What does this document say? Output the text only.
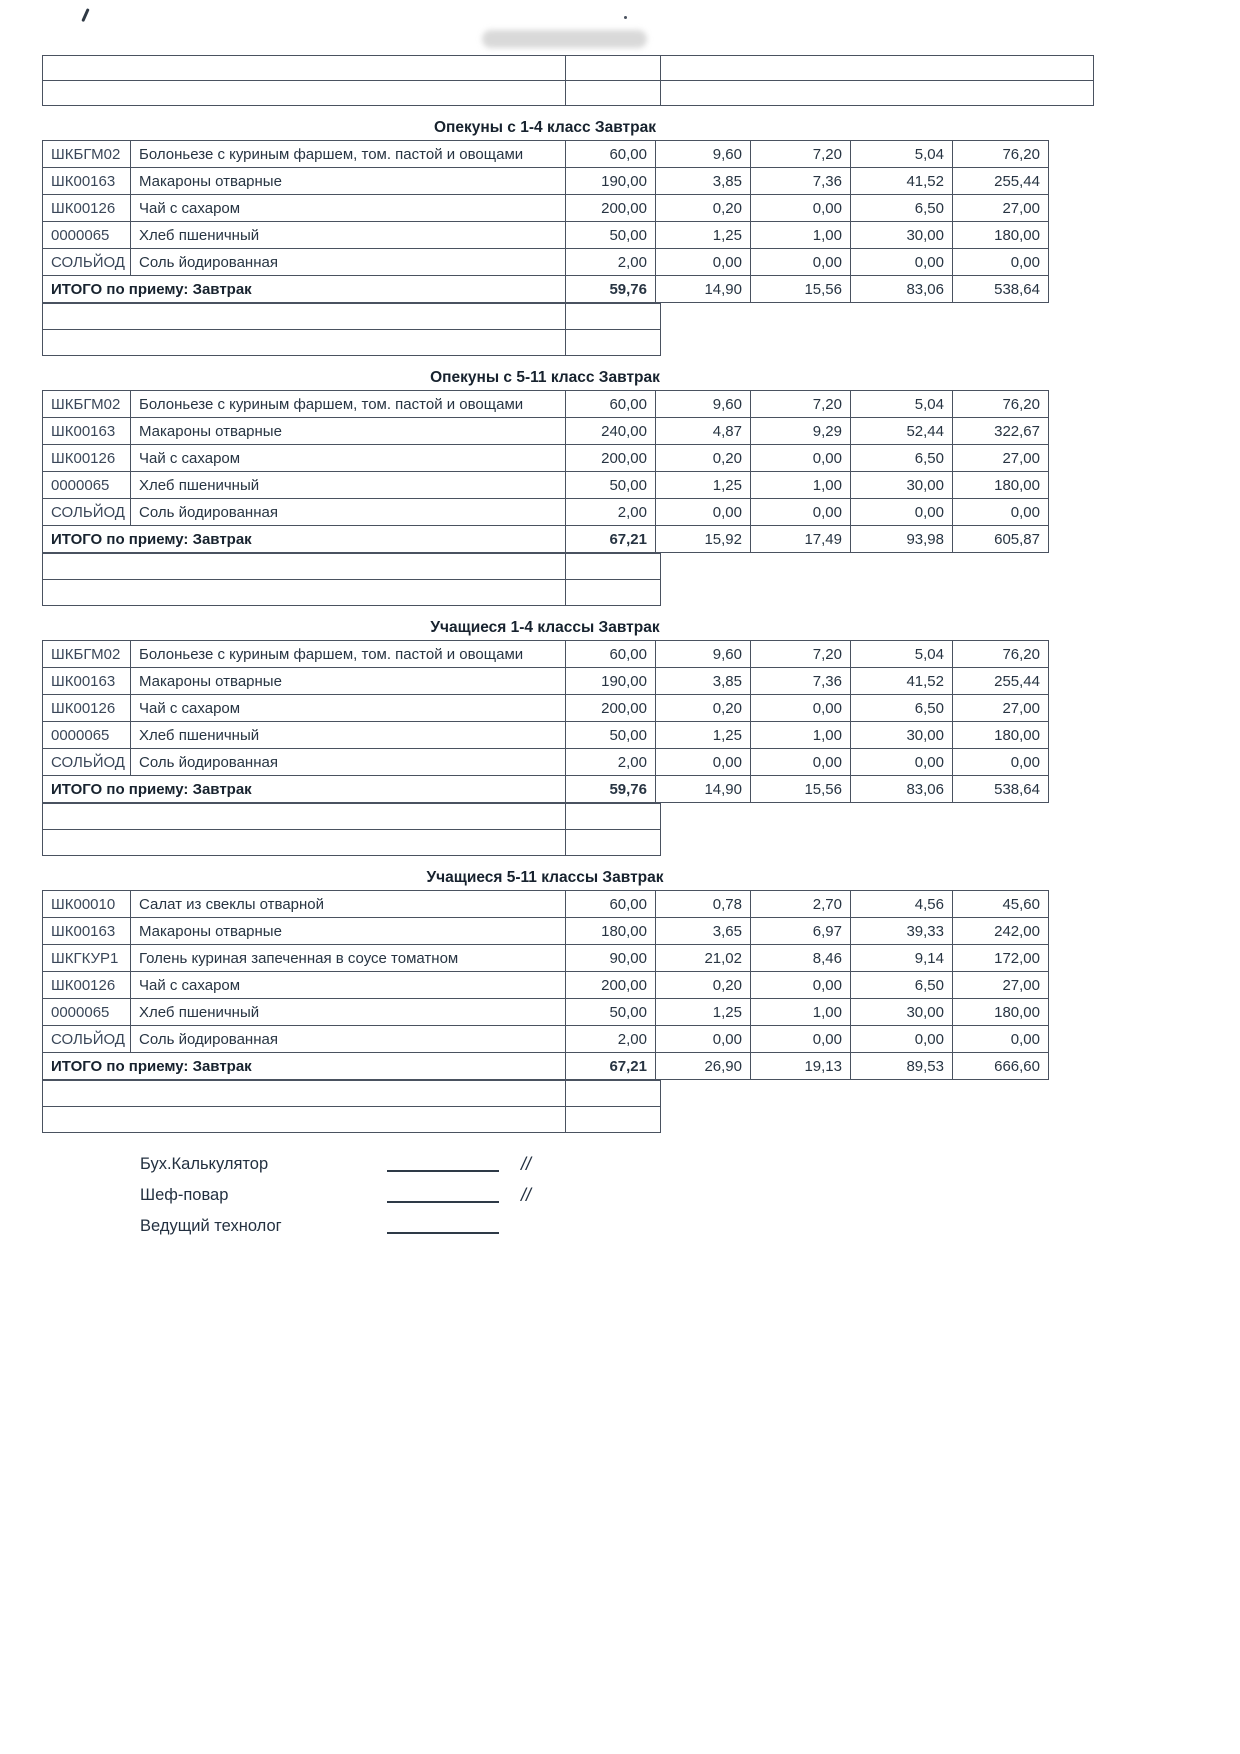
Опекуны с 1-4 класс Завтрак
ШКБГМ02	Болоньезе с куриным фаршем, том. пастой и овощами	60,00	9,60	7,20	5,04	76,20
ШК00163	Макароны отварные	190,00	3,85	7,36	41,52	255,44
ШК00126	Чай с сахаром	200,00	0,20	0,00	6,50	27,00
0000065	Хлеб пшеничный	50,00	1,25	1,00	30,00	180,00
СОЛЬЙОД	Соль йодированная	2,00	0,00	0,00	0,00	0,00
ИТОГО по приему: Завтрак		59,76	14,90	15,56	83,06	538,64

Опекуны с 5-11 класс Завтрак
ШКБГМ02	Болоньезе с куриным фаршем, том. пастой и овощами	60,00	9,60	7,20	5,04	76,20
ШК00163	Макароны отварные	240,00	4,87	9,29	52,44	322,67
ШК00126	Чай с сахаром	200,00	0,20	0,00	6,50	27,00
0000065	Хлеб пшеничный	50,00	1,25	1,00	30,00	180,00
СОЛЬЙОД	Соль йодированная	2,00	0,00	0,00	0,00	0,00
ИТОГО по приему: Завтрак		67,21	15,92	17,49	93,98	605,87

Учащиеся 1-4 классы Завтрак
ШКБГМ02	Болоньезе с куриным фаршем, том. пастой и овощами	60,00	9,60	7,20	5,04	76,20
ШК00163	Макароны отварные	190,00	3,85	7,36	41,52	255,44
ШК00126	Чай с сахаром	200,00	0,20	0,00	6,50	27,00
0000065	Хлеб пшеничный	50,00	1,25	1,00	30,00	180,00
СОЛЬЙОД	Соль йодированная	2,00	0,00	0,00	0,00	0,00
ИТОГО по приему: Завтрак		59,76	14,90	15,56	83,06	538,64

Учащиеся 5-11 классы Завтрак
ШК00010	Салат из свеклы отварной	60,00	0,78	2,70	4,56	45,60
ШК00163	Макароны отварные	180,00	3,65	6,97	39,33	242,00
ШКГКУР1	Голень куриная запеченная в соусе томатном	90,00	21,02	8,46	9,14	172,00
ШК00126	Чай с сахаром	200,00	0,20	0,00	6,50	27,00
0000065	Хлеб пшеничный	50,00	1,25	1,00	30,00	180,00
СОЛЬЙОД	Соль йодированная	2,00	0,00	0,00	0,00	0,00
ИТОГО по приему: Завтрак		67,21	26,90	19,13	89,53	666,60

Бух.Калькулятор	//
Шеф-повар	//
Ведущий технолог
